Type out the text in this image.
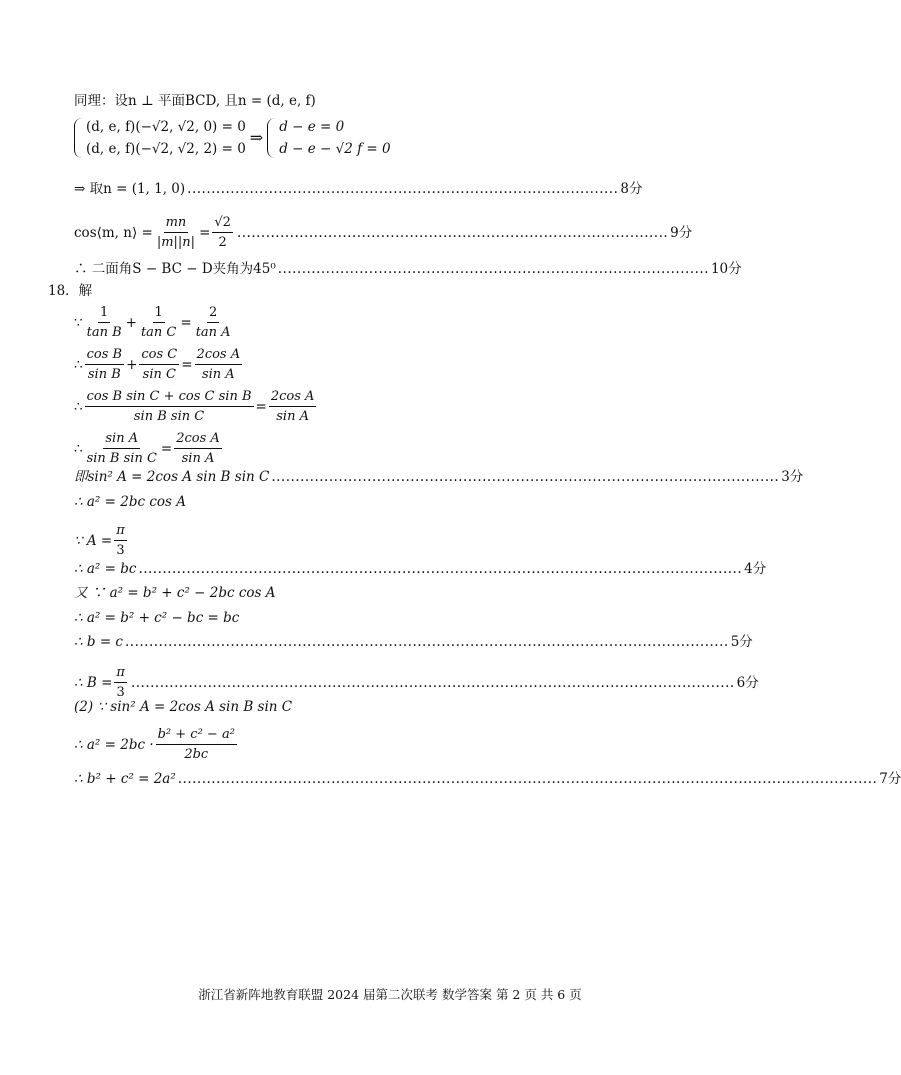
同理：设n ⊥ 平面BCD, 且n = (d, e, f)
(d, e, f)(−√2, √2, 0) = 0
(d, e, f)(−√2, √2, 2) = 0
⇒
d − e = 0
d − e − √2 f = 0
⇒ 取n = (1, 1, 0) .......................................................................................... 8分
cos⟨m, n⟩ = $\frac{mn}{|m||n|} = \frac{√2}{2}$ .......................................................................................... 9分
∴ 二面角S − BC − D夹角为45⁰ .......................................................................................... 10分
18．解
∵ $\frac{1}{\text{tan B}} + \frac{1}{\text{tan C}} = \frac{2}{\text{tan A}}$
∴ $\frac{\text{cos B}}{\text{sin B}} + \frac{\text{cos C}}{\text{sin C}} = \frac{\text{2cos A}}{\text{sin A}}$
∴ $\frac{\text{cos B sin C + cos C sin B}}{\text{sin B sin C}} = \frac{\text{2cos A}}{\text{sin A}}$
∴ $\frac{\text{sin A}}{\text{sin B sin C}} = \frac{\text{2cos A}}{\text{sin A}}$
即sin² A = 2cos A sin B sin C .......................................................................................................... 3分
∴ a² = 2bc cos A
∵ $A = \frac{\pi}{3}$
∴ a² = bc .............................................................................................................................. 4分
又 ∵ a² = b² + c² − 2bc cos A
∴ a² = b² + c² − bc = bc
∴ b = c .............................................................................................................................. 5分
∴ $B = \frac{\pi}{3}$ .............................................................................................................................. 6分
(2) ∵ sin² A = 2cos A sin B sin C
∴ $a^2 = 2bc \cdot \frac{\text{b² + c² − a²}}{2bc}$
∴ b² + c² = 2a² .................................................................................................................................................. 7分
浙江省新阵地教育联盟 2024 届第二次联考 数学答案 第 2 页 共 6 页
